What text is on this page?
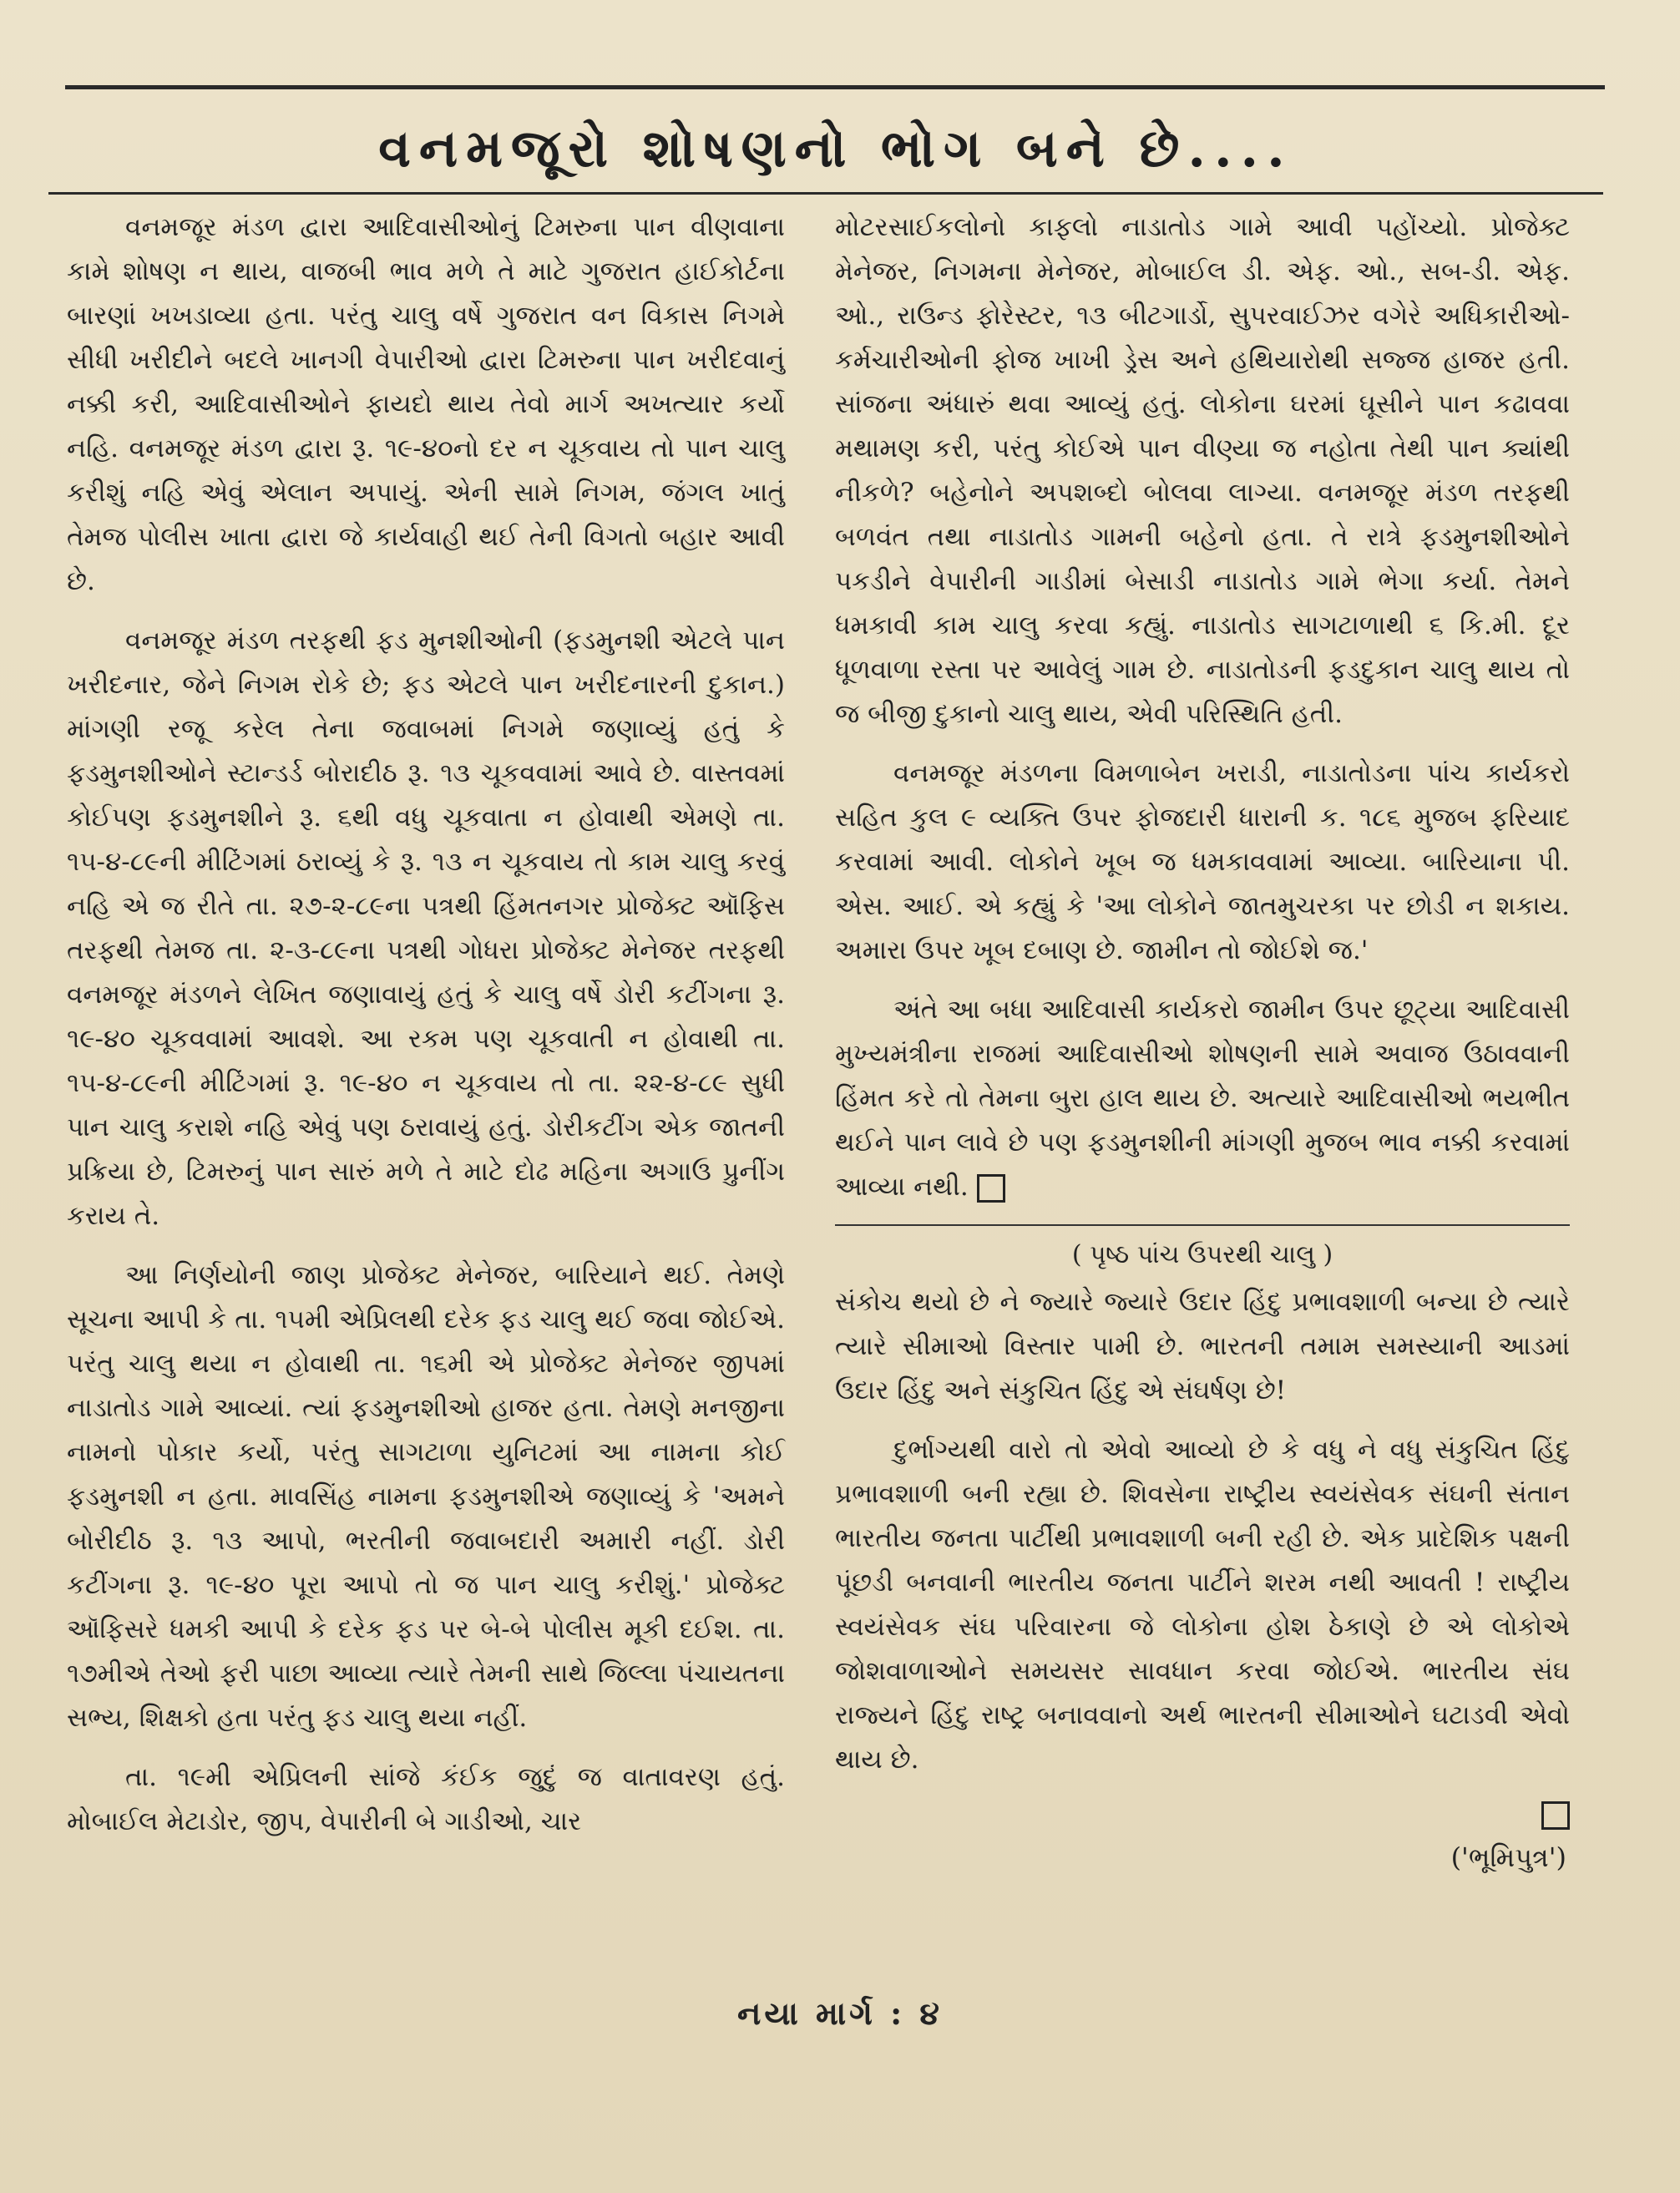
વનમજૂરો શોષણનો ભોગ બને છે....

વનમજૂર મંડળ દ્વારા આદિવાસીઓનું ટિમરુના પાન વીણવાના કામે શોષણ ન થાય, વાજબી ભાવ મળે તે માટે ગુજરાત હાઈકોર્ટના બારણાં ખખડાવ્યા હતા. પરંતુ ચાલુ વર્ષે ગુજરાત વન વિકાસ નિગમે સીધી ખરીદીને બદલે ખાનગી વેપારીઓ દ્વારા ટિમરુના પાન ખરીદવાનું નક્કી કરી, આદિવાસીઓને ફાયદો થાય તેવો માર્ગ અખત્યાર કર્યો નહિ. વનમજૂર મંડળ દ્વારા રૂ. ૧૯-૪૦નો દર ન ચૂકવાય તો પાન ચાલુ કરીશું નહિ એવું એલાન અપાયું. એની સામે નિગમ, જંગલ ખાતું તેમજ પોલીસ ખાતા દ્વારા જે કાર્યવાહી થઈ તેની વિગતો બહાર આવી છે.

વનમજૂર મંડળ તરફથી ફડ મુનશીઓની (ફડમુનશી એટલે પાન ખરીદનાર, જેને નિગમ રોકે છે; ફડ એટલે પાન ખરીદનારની દુકાન.) માંગણી રજૂ કરેલ તેના જવાબમાં નિગમે જણાવ્યું હતું કે ફડમુનશીઓને સ્ટાન્ડર્ડ બોરાદીઠ રૂ. ૧૩ ચૂકવવામાં આવે છે. વાસ્તવમાં કોઈપણ ફડમુનશીને રૂ. ૬થી વધુ ચૂકવાતા ન હોવાથી એમણે તા. ૧૫-૪-૮૯ની મીટિંગમાં ઠરાવ્યું કે રૂ. ૧૩ ન ચૂકવાય તો કામ ચાલુ કરવું નહિ એ જ રીતે તા. ૨૭-૨-૮૯ના પત્રથી હિંમતનગર પ્રોજેક્ટ ઑફિસ તરફથી તેમજ તા. ૨-૩-૮૯ના પત્રથી ગોધરા પ્રોજેક્ટ મેનેજર તરફથી વનમજૂર મંડળને લેખિત જણાવાયું હતું કે ચાલુ વર્ષે ડોરી કટીંગના રૂ. ૧૯-૪૦ ચૂકવવામાં આવશે. આ રકમ પણ ચૂકવાતી ન હોવાથી તા. ૧૫-૪-૮૯ની મીટિંગમાં રૂ. ૧૯-૪૦ ન ચૂકવાય તો તા. ૨૨-૪-૮૯ સુધી પાન ચાલુ કરાશે નહિ એવું પણ ઠરાવાયું હતું. ડોરીકટીંગ એક જાતની પ્રક્રિયા છે, ટિમરુનું પાન સારું મળે તે માટે દોઢ મહિના અગાઉ પ્રુનીંગ કરાય તે.

આ નિર્ણયોની જાણ પ્રોજેક્ટ મેનેજર, બારિયાને થઈ. તેમણે સૂચના આપી કે તા. ૧૫મી એપ્રિલથી દરેક ફડ ચાલુ થઈ જવા જોઈએ. પરંતુ ચાલુ થયા ન હોવાથી તા. ૧૬મી એ પ્રોજેક્ટ મેનેજર જીપમાં નાડાતોડ ગામે આવ્યાં. ત્યાં ફડમુનશીઓ હાજર હતા. તેમણે મનજીના નામનો પોકાર કર્યો, પરંતુ સાગટાળા યુનિટમાં આ નામના કોઈ ફડમુનશી ન હતા. માવસિંહ નામના ફડમુનશીએ જણાવ્યું કે 'અમને બોરીદીઠ રૂ. ૧૩ આપો, ભરતીની જવાબદારી અમારી નહીં. ડોરી કટીંગના રૂ. ૧૯-૪૦ પૂરા આપો તો જ પાન ચાલુ કરીશું.' પ્રોજેક્ટ ઑફિસરે ધમકી આપી કે દરેક ફડ પર બે-બે પોલીસ મૂકી દઈશ. તા. ૧૭મીએ તેઓ ફરી પાછા આવ્યા ત્યારે તેમની સાથે જિલ્લા પંચાયતના સભ્ય, શિક્ષકો હતા પરંતુ ફડ ચાલુ થયા નહીં.

તા. ૧૯મી એપ્રિલની સાંજે કંઈક જુદું જ વાતાવરણ હતું. મોબાઈલ મેટાડોર, જીપ, વેપારીની બે ગાડીઓ, ચાર

મોટરસાઈકલોનો કાફલો નાડાતોડ ગામે આવી પહોંચ્યો. પ્રોજેક્ટ મેનેજર, નિગમના મેનેજર, મોબાઈલ ડી. એફ. ઓ., સબ-ડી. એફ. ઓ., રાઉન્ડ ફોરેસ્ટર, ૧૩ બીટગાર્ડો, સુપરવાઈઝર વગેરે અધિકારીઓ-કર્મચારીઓની ફોજ ખાખી ડ્રેસ અને હથિયારોથી સજ્જ હાજર હતી. સાંજના અંધારું થવા આવ્યું હતું. લોકોના ઘરમાં ઘૂસીને પાન કઢાવવા મથામણ કરી, પરંતુ કોઈએ પાન વીણ્યા જ નહોતા તેથી પાન ક્યાંથી નીકળે? બહેનોને અપશબ્દો બોલવા લાગ્યા. વનમજૂર મંડળ તરફથી બળવંત તથા નાડાતોડ ગામની બહેનો હતા. તે રાત્રે ફડમુનશીઓને પકડીને વેપારીની ગાડીમાં બેસાડી નાડાતોડ ગામે ભેગા કર્યા. તેમને ધમકાવી કામ ચાલુ કરવા કહ્યું. નાડાતોડ સાગટાળાથી ૬ કિ.મી. દૂર ધૂળવાળા રસ્તા પર આવેલું ગામ છે. નાડાતોડની ફડદુકાન ચાલુ થાય તો જ બીજી દુકાનો ચાલુ થાય, એવી પરિસ્થિતિ હતી.

વનમજૂર મંડળના વિમળાબેન ખરાડી, નાડાતોડના પાંચ કાર્યકરો સહિત કુલ ૯ વ્યક્તિ ઉપર ફોજદારી ધારાની ક. ૧૮૬ મુજબ ફરિયાદ કરવામાં આવી. લોકોને ખૂબ જ ધમકાવવામાં આવ્યા. બારિયાના પી. એસ. આઈ. એ કહ્યું કે 'આ લોકોને જાતમુચરકા પર છોડી ન શકાય. અમારા ઉપર ખૂબ દબાણ છે. જામીન તો જોઈશે જ.'

અંતે આ બધા આદિવાસી કાર્યકરો જામીન ઉપર છૂટ્યા આદિવાસી મુખ્યમંત્રીના રાજમાં આદિવાસીઓ શોષણની સામે અવાજ ઉઠાવવાની હિંમત કરે તો તેમના બુરા હાલ થાય છે. અત્યારે આદિવાસીઓ ભયભીત થઈને પાન લાવે છે પણ ફડમુનશીની માંગણી મુજબ ભાવ નક્કી કરવામાં આવ્યા નથી.

( પૃષ્ઠ પાંચ ઉપરથી ચાલુ )

સંકોચ થયો છે ને જ્યારે જ્યારે ઉદાર હિંદુ પ્રભાવશાળી બન્યા છે ત્યારે ત્યારે સીમાઓ વિસ્તાર પામી છે. ભારતની તમામ સમસ્યાની આડમાં ઉદાર હિંદુ અને સંકુચિત હિંદુ એ સંઘર્ષણ છે!

દુર્ભાગ્યથી વારો તો એવો આવ્યો છે કે વધુ ને વધુ સંકુચિત હિંદુ પ્રભાવશાળી બની રહ્યા છે. શિવસેના રાષ્ટ્રીય સ્વયંસેવક સંઘની સંતાન ભારતીય જનતા પાર્ટીથી પ્રભાવશાળી બની રહી છે. એક પ્રાદેશિક પક્ષની પૂંછડી બનવાની ભારતીય જનતા પાર્ટીને શરમ નથી આવતી ! રાષ્ટ્રીય સ્વયંસેવક સંઘ પરિવારના જે લોકોના હોશ ઠેકાણે છે એ લોકોએ જોશવાળાઓને સમયસર સાવધાન કરવા જોઈએ. ભારતીય સંઘ રાજ્યને હિંદુ રાષ્ટ્ર બનાવવાનો અર્થ ભારતની સીમાઓને ઘટાડવી એવો થાય છે.

('ભૂમિપુત્ર')
નયા માર્ગ : ૪
